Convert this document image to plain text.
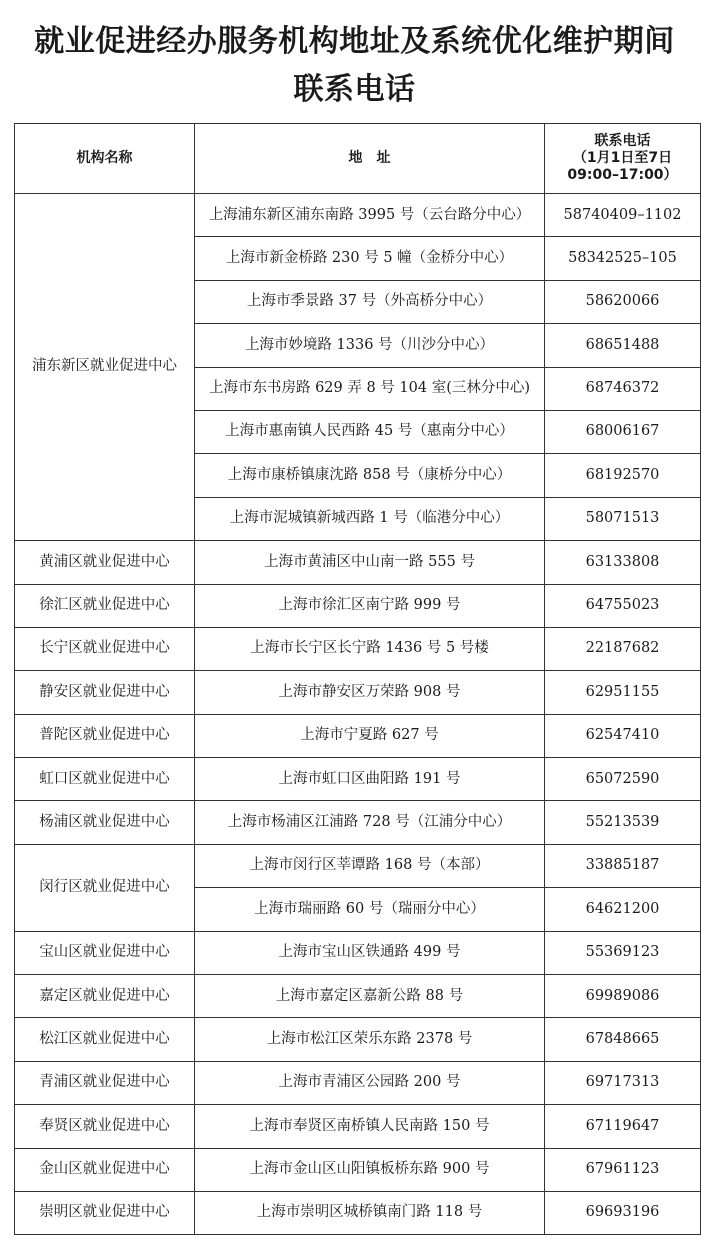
就业促进经办服务机构地址及系统优化维护期间
联系电话
机构名称	地　址	联系电话
（1月1日至7日
09:00–17:00）

浦东新区就业促进中心	上海浦东新区浦东南路 3995 号（云台路分中心）	58740409–1102
	上海市新金桥路 230 号 5 幢（金桥分中心）	58342525–105
	上海市季景路 37 号（外高桥分中心）	58620066
	上海市妙境路 1336 号（川沙分中心）	68651488
	上海市东书房路 629 弄 8 号 104 室(三林分中心)	68746372
	上海市惠南镇人民西路 45 号（惠南分中心）	68006167
	上海市康桥镇康沈路 858 号（康桥分中心）	68192570
	上海市泥城镇新城西路 1 号（临港分中心）	58071513
黄浦区就业促进中心	上海市黄浦区中山南一路 555 号	63133808
徐汇区就业促进中心	上海市徐汇区南宁路 999 号	64755023
长宁区就业促进中心	上海市长宁区长宁路 1436 号 5 号楼	22187682
静安区就业促进中心	上海市静安区万荣路 908 号	62951155
普陀区就业促进中心	上海市宁夏路 627 号	62547410
虹口区就业促进中心	上海市虹口区曲阳路 191 号	65072590
杨浦区就业促进中心	上海市杨浦区江浦路 728 号（江浦分中心）	55213539
闵行区就业促进中心	上海市闵行区莘谭路 168 号（本部）	33885187
	上海市瑞丽路 60 号（瑞丽分中心）	64621200
宝山区就业促进中心	上海市宝山区铁通路 499 号	55369123
嘉定区就业促进中心	上海市嘉定区嘉新公路 88 号	69989086
松江区就业促进中心	上海市松江区荣乐东路 2378 号	67848665
青浦区就业促进中心	上海市青浦区公园路 200 号	69717313
奉贤区就业促进中心	上海市奉贤区南桥镇人民南路 150 号	67119647
金山区就业促进中心	上海市金山区山阳镇板桥东路 900 号	67961123
崇明区就业促进中心	上海市崇明区城桥镇南门路 118 号	69693196
